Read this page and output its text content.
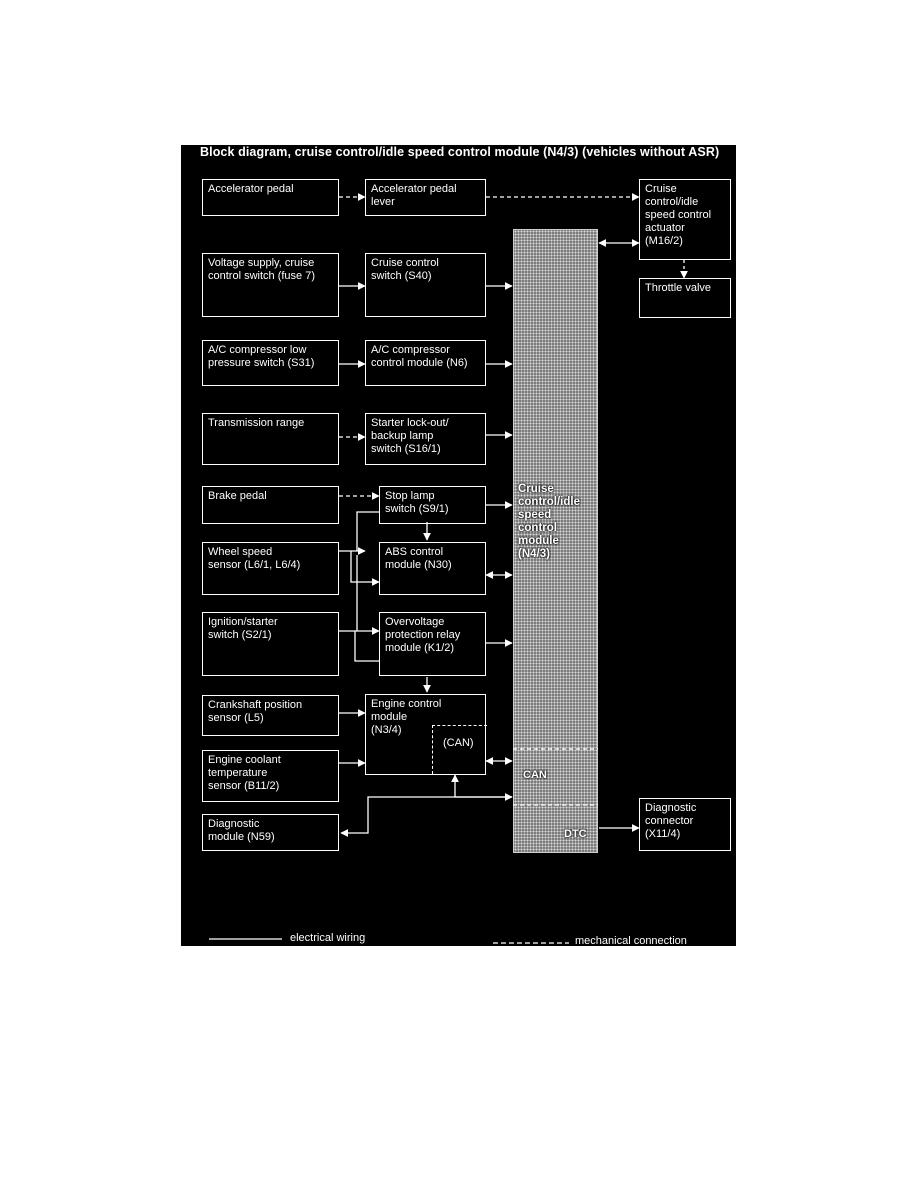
Block diagram, cruise control/idle speed control module (N4/3) (vehicles without ASR)
Accelerator pedal
Voltage supply, cruise
control switch (fuse 7)
A/C compressor low
pressure switch (S31)
Transmission range
Brake pedal
Wheel speed
sensor (L6/1, L6/4)
Ignition/starter
switch (S2/1)
Crankshaft position
sensor (L5)
Engine coolant
temperature
sensor (B11/2)
Diagnostic
module (N59)
Accelerator pedal
lever
Cruise control
switch (S40)
A/C compressor
control module (N6)
Starter lock-out/
backup lamp
switch (S16/1)
Stop lamp
switch (S9/1)
ABS control
module (N30)
Overvoltage
protection relay
module (K1/2)
Engine control
module
(N3/4)
(CAN)
Cruise
control/idle
speed control
actuator
(M16/2)
Throttle valve
Diagnostic
connector
(X11/4)
Cruise
control/idle
speed
control
module
(N4/3)
CAN
DTC
electrical wiring	mechanical connection
